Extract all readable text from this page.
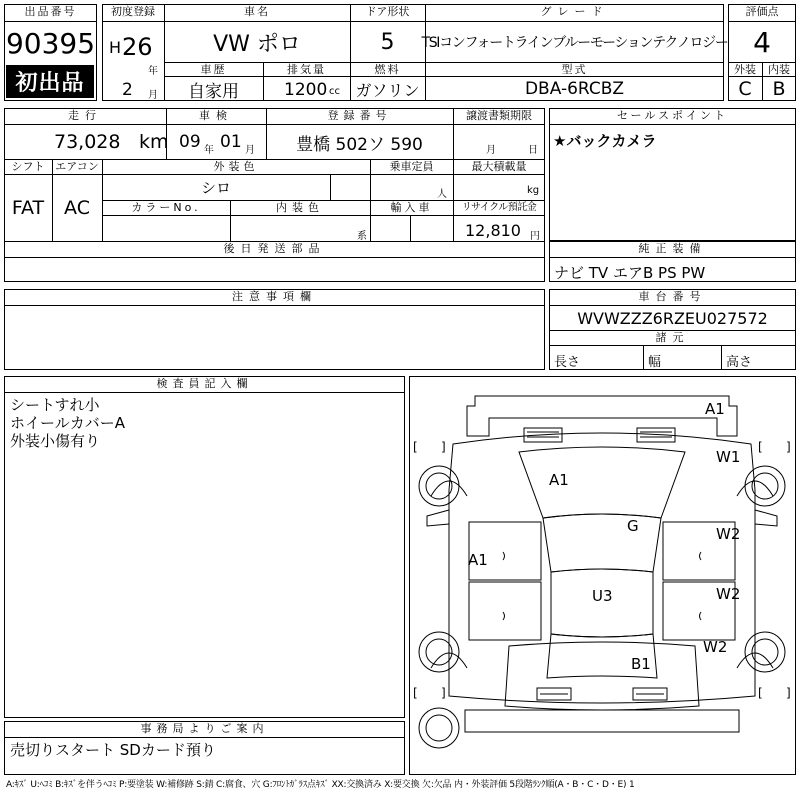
出品番号
90395
初出品
初度登録
H 26
年
2 月
車名
VW ポロ
車歴
自家用
排気量
1200 cc
ドア形状
5
燃料
ガソリン
グレード
TSIコンフォートラインブルーモーションテクノロジー
型式
DBA-6RCBZ
評価点
4
外装	内装
C	B
走行
73,028 km
車検
09 年 01 月
登録番号
豊橋 502ソ 590
譲渡書類期限
月	日
シフト
FAT
エアコン
AC
外装色
シロ
乗車定員
人
最大積載量
kg
カラーNo.	内装色
系
輸入車	リサイクル預託金
12,810 円
後日発送部品
セールスポイント
★バックカメラ
純正装備
ナビ TV エアB PS PW
注意事項欄	車台番号
WVWZZZ6RZEU027572
諸元
長さ	幅	高さ
検査員記入欄
シートすれ小
ホイールカバーA
外装小傷有り
事務局よりご案内
売切りスタート SDカード預り
[ ]	[ ]
[ ]	[ ]
A1
A1
W1
G
A1
W2
U3	W2
W2
B1
A:ｷｽﾞ U:ﾍｺﾐ B:ｷｽﾞを伴うﾍｺﾐ P:要塗装 W:補修跡 S:錆 C:腐食、穴 G:ﾌﾛﾝﾄｶﾞﾗｽ点ｷｽﾞ XX:交換済み X:要交換 欠:欠品 内・外装評価 5段階ﾗﾝｸ順(A・B・C・D・E) 1
